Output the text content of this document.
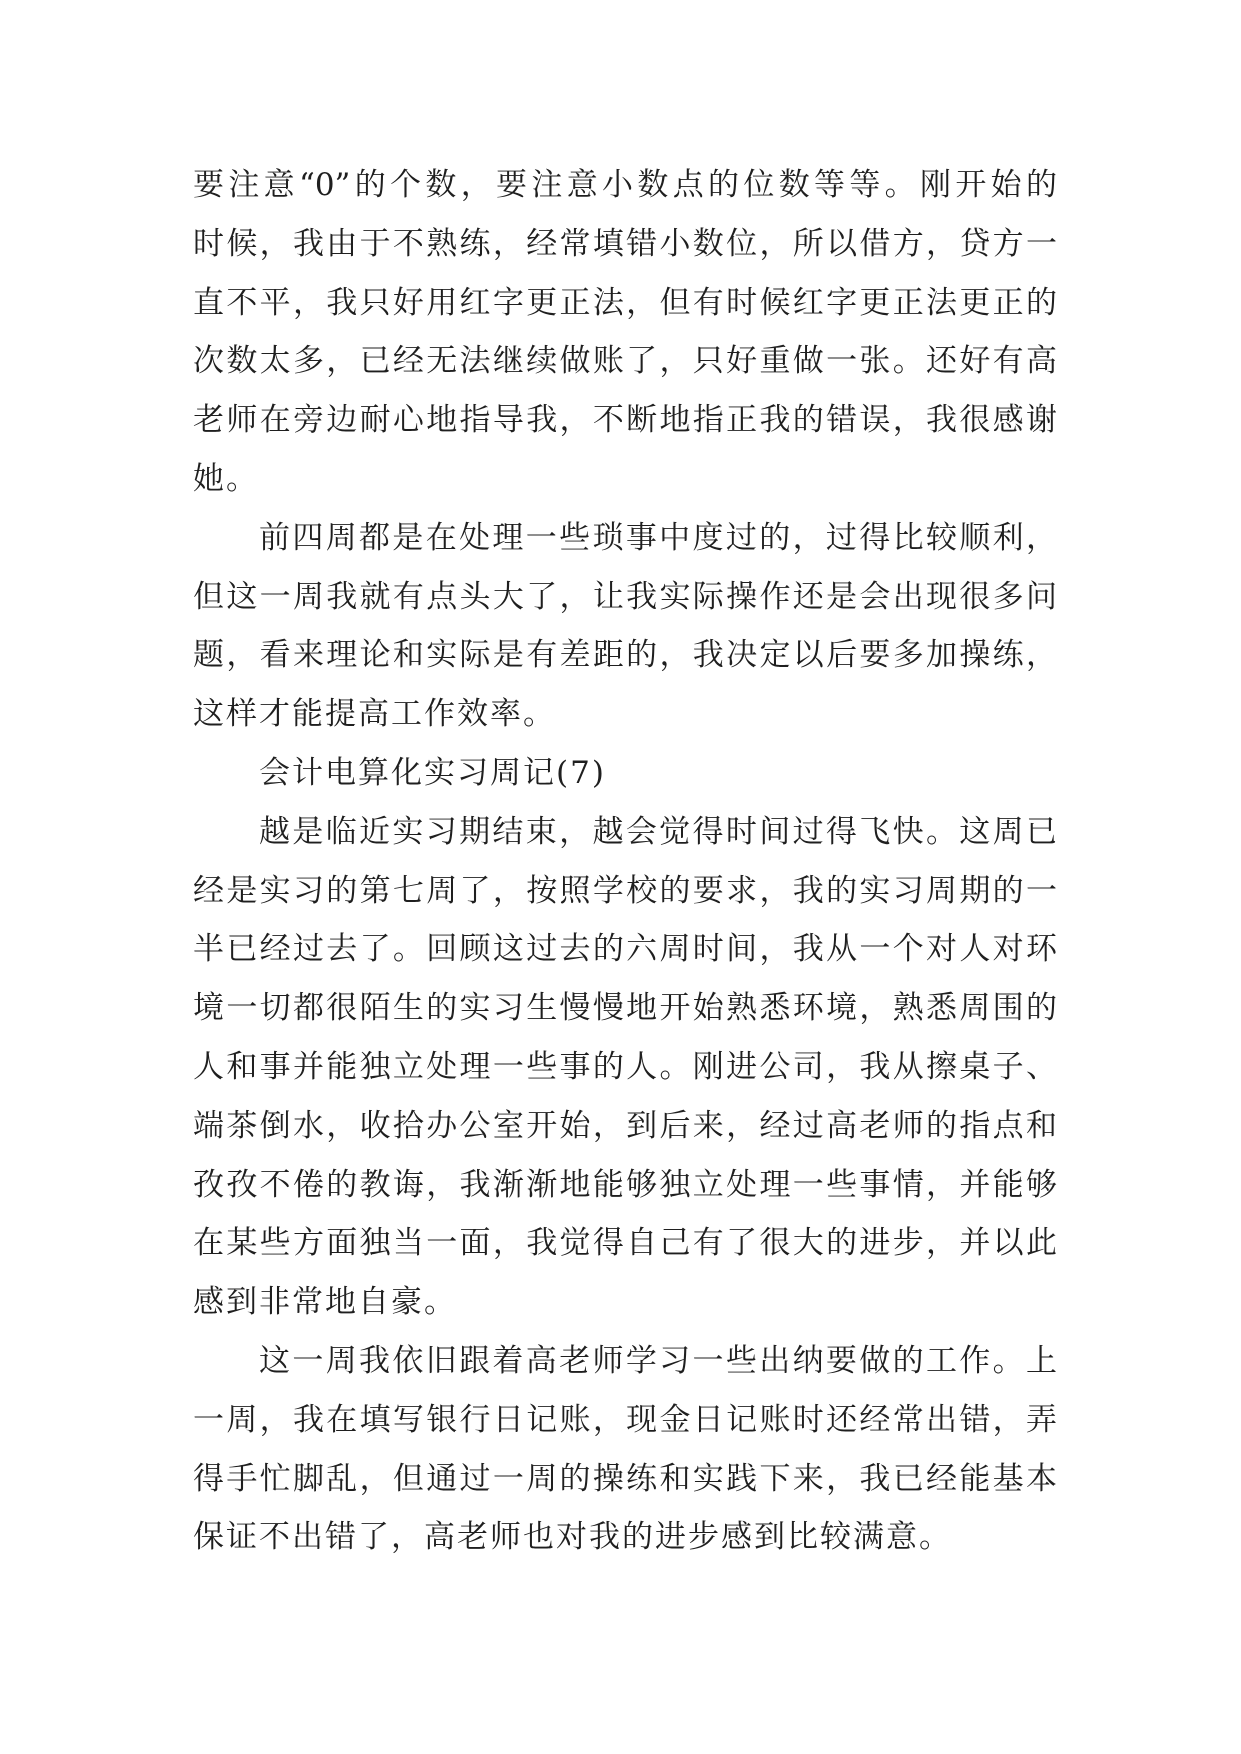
要注意“0”的个数，要注意小数点的位数等等。刚开始的
时候，我由于不熟练，经常填错小数位，所以借方，贷方一
直不平，我只好用红字更正法，但有时候红字更正法更正的
次数太多，已经无法继续做账了，只好重做一张。还好有高
老师在旁边耐心地指导我，不断地指正我的错误，我很感谢
她。
前四周都是在处理一些琐事中度过的，过得比较顺利，
但这一周我就有点头大了，让我实际操作还是会出现很多问
题，看来理论和实际是有差距的，我决定以后要多加操练，
这样才能提高工作效率。
会计电算化实习周记(7)
越是临近实习期结束，越会觉得时间过得飞快。这周已
经是实习的第七周了，按照学校的要求，我的实习周期的一
半已经过去了。回顾这过去的六周时间，我从一个对人对环
境一切都很陌生的实习生慢慢地开始熟悉环境，熟悉周围的
人和事并能独立处理一些事的人。刚进公司，我从擦桌子、
端茶倒水，收拾办公室开始，到后来，经过高老师的指点和
孜孜不倦的教诲，我渐渐地能够独立处理一些事情，并能够
在某些方面独当一面，我觉得自己有了很大的进步，并以此
感到非常地自豪。
这一周我依旧跟着高老师学习一些出纳要做的工作。上
一周，我在填写银行日记账，现金日记账时还经常出错，弄
得手忙脚乱，但通过一周的操练和实践下来，我已经能基本
保证不出错了，高老师也对我的进步感到比较满意。
